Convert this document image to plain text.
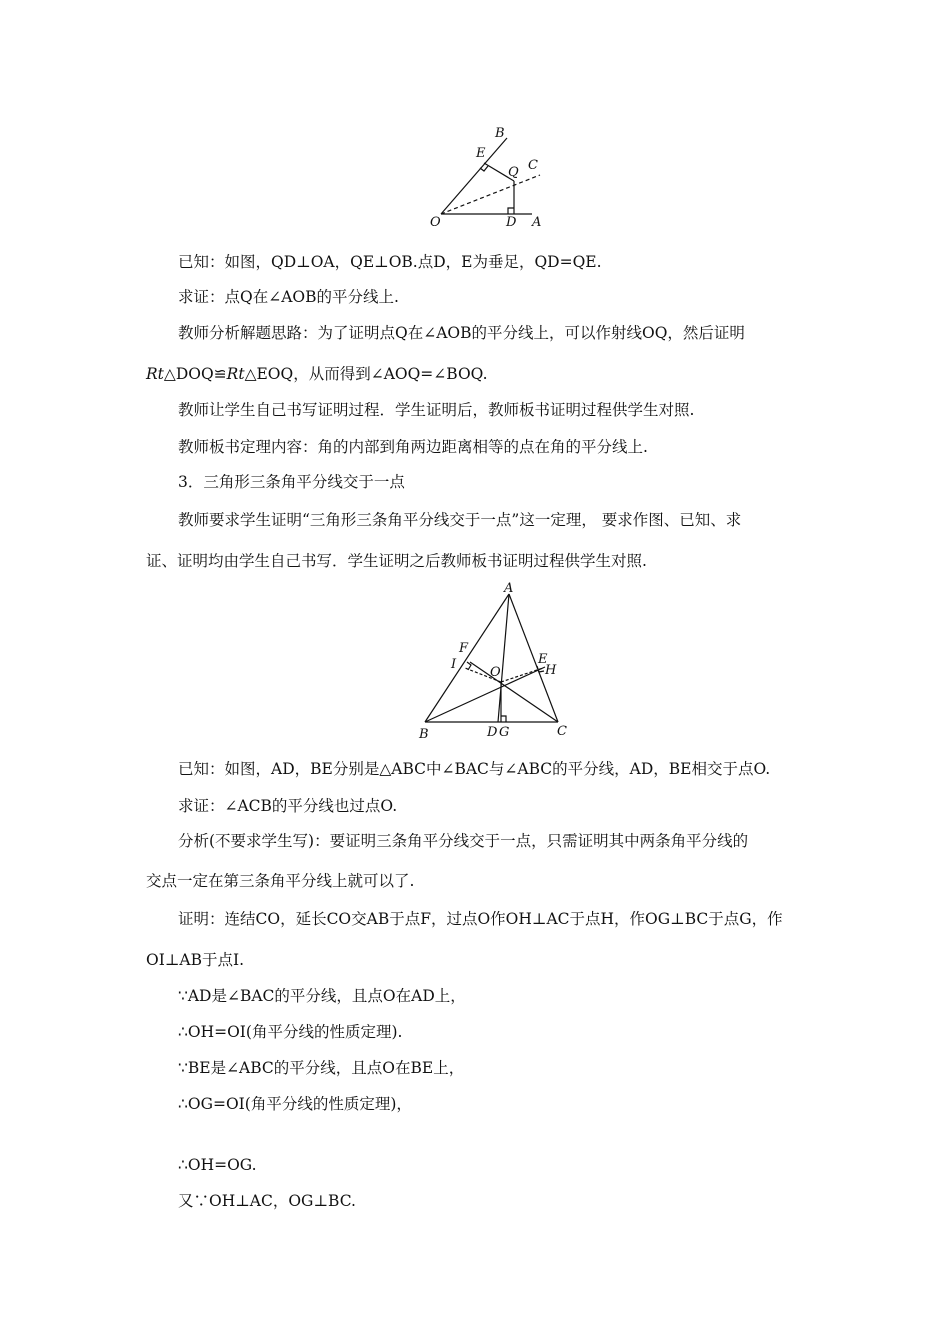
B
E
Q C
O	D A
已知：如图，QD⊥OA，QE⊥OB.点D，E为垂足，QD=QE.
求证：点Q在∠AOB的平分线上.
教师分析解题思路：为了证明点Q在∠AOB的平分线上，可以作射线OQ，然后证明
Rt△DOQ≌Rt△EOQ，从而得到∠AOQ=∠BOQ.
教师让学生自己书写证明过程．学生证明后，教师板书证明过程供学生对照.
教师板书定理内容：角的内部到角两边距离相等的点在角的平分线上.
3．三角形三条角平分线交于一点
教师要求学生证明“三角形三条角平分线交于一点”这一定理， 要求作图、已知、求
证、证明均由学生自己书写．学生证明之后教师板书证明过程供学生对照.
A
F
I
O
E
H
B	D G	C
已知：如图，AD，BE分别是△ABC中∠BAC与∠ABC的平分线，AD，BE相交于点O.
求证：∠ACB的平分线也过点O.
分析(不要求学生写)：要证明三条角平分线交于一点，只需证明其中两条角平分线的
交点一定在第三条角平分线上就可以了.
证明：连结CO，延长CO交AB于点F，过点O作OH⊥AC于点H，作OG⊥BC于点G，作
OI⊥AB于点I.
∵AD是∠BAC的平分线，且点O在AD上，
∴OH=OI(角平分线的性质定理).
∵BE是∠ABC的平分线，且点O在BE上，
∴OG=OI(角平分线的性质定理)，
∴OH=OG.
又∵OH⊥AC，OG⊥BC.
